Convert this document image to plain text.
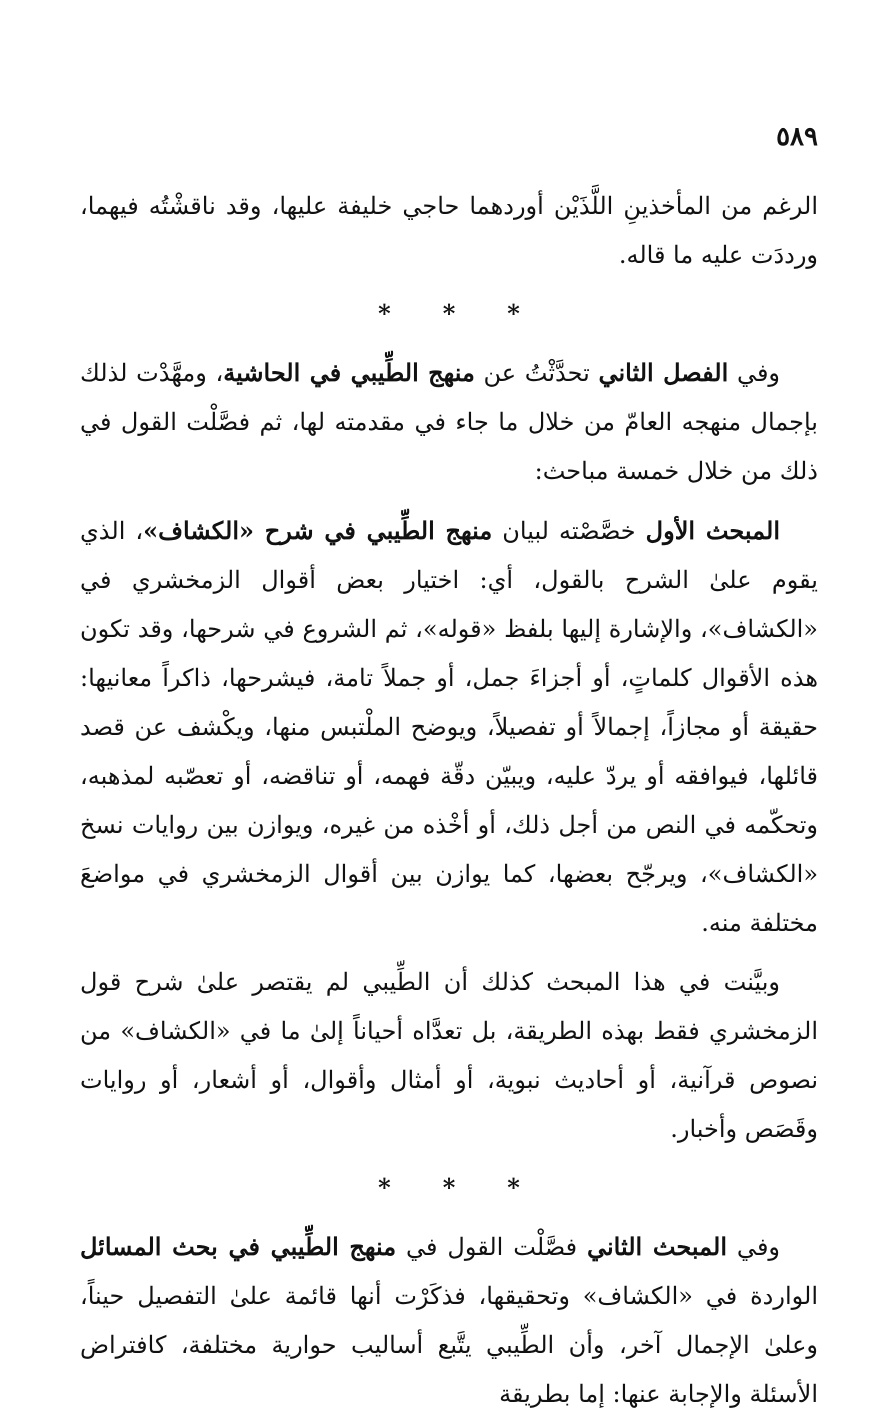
٥٨٩

الرغم من المأخذينِ اللَّذَيْن أوردهما حاجي خليفة عليها، وقد ناقشْتُه فيهما، ورددَت عليه ما قاله.

*
*
*

وفي الفصل الثاني تحدَّثْتُ عن منهج الطِّيبي في الحاشية، ومهَّدْت لذلك بإجمال منهجه العامّ من خلال ما جاء في مقدمته لها، ثم فصَّلْت القول في ذلك من خلال خمسة مباحث:

المبحث الأول خصَّصْته لبيان منهج الطِّيبي في شرح «الكشاف»، الذي يقوم علىٰ الشرح بالقول، أي: اختيار بعض أقوال الزمخشري في «الكشاف»، والإشارة إليها بلفظ «قوله»، ثم الشروع في شرحها، وقد تكون هذه الأقوال كلماتٍ، أو أجزاءَ جمل، أو جملاً تامة، فيشرحها، ذاكراً معانيها: حقيقة أو مجازاً، إجمالاً أو تفصيلاً، ويوضح الملْتبس منها، ويكْشف عن قصد قائلها، فيوافقه أو يردّ عليه، ويبيّن دقّة فهمه، أو تناقضه، أو تعصّبه لمذهبه، وتحكّمه في النص من أجل ذلك، أو أخْذه من غيره، ويوازن بين روايات نسخ «الكشاف»، ويرجّح بعضها، كما يوازن بين أقوال الزمخشري في مواضعَ مختلفة منه.

وبيَّنت في هذا المبحث كذلك أن الطِّيبي لم يقتصر علىٰ شرح قول الزمخشري فقط بهذه الطريقة، بل تعدَّاه أحياناً إلىٰ ما في «الكشاف» من نصوص قرآنية، أو أحاديث نبوية، أو أمثال وأقوال، أو أشعار، أو روايات وقَصَص وأخبار.

*
*
*

وفي المبحث الثاني فصَّلْت القول في منهج الطِّيبي في بحث المسائل الواردة في «الكشاف» وتحقيقها، فذكَرْت أنها قائمة علىٰ التفصيل حيناً، وعلىٰ الإجمال آخر، وأن الطِّيبي يتَّبع أساليب حوارية مختلفة، كافتراض الأسئلة والإجابة عنها: إما بطريقة
